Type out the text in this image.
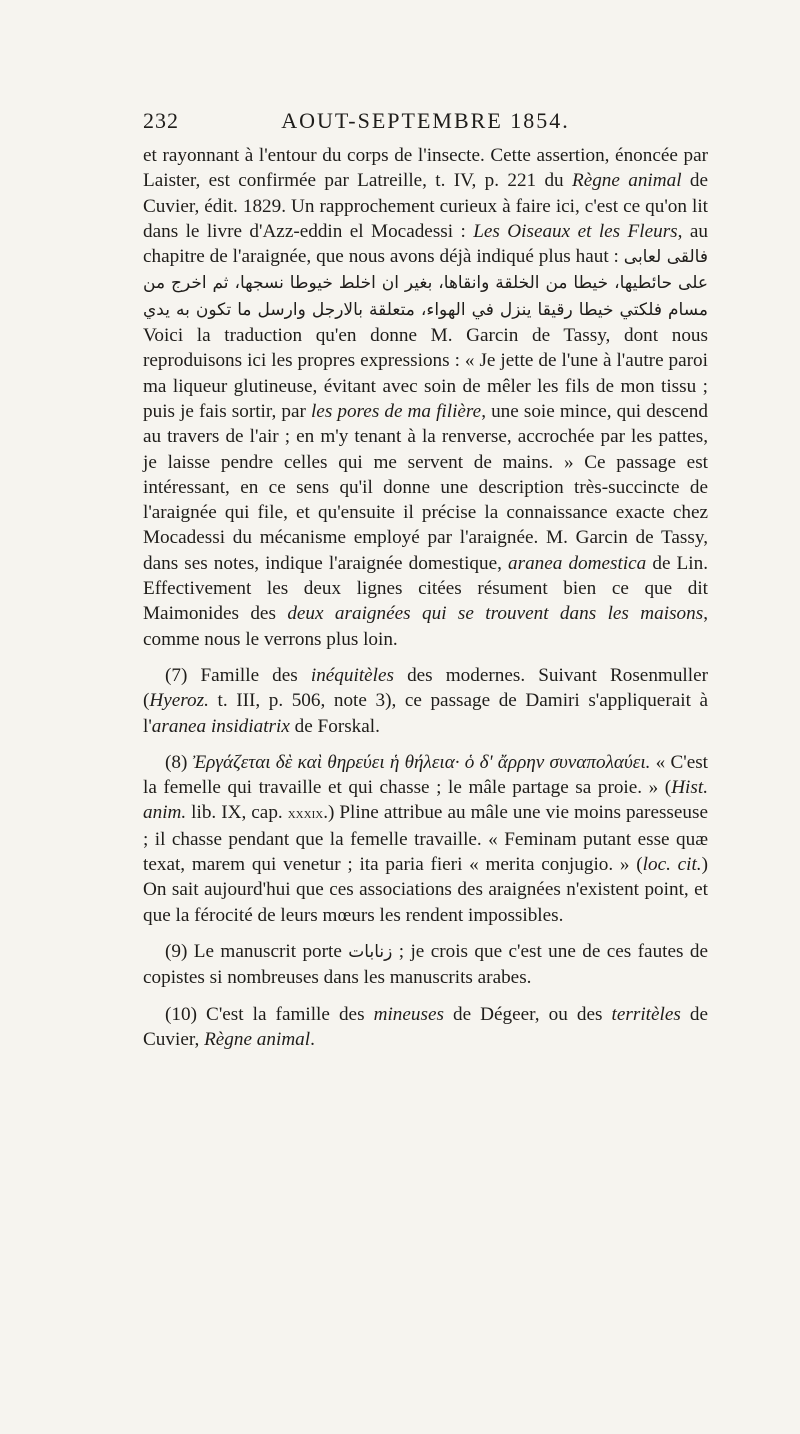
232	AOUT-SEPTEMBRE 1854.

et rayonnant à l'entour du corps de l'insecte. Cette assertion, énoncée par Laister, est confirmée par Latreille, t. IV, p. 221 du Règne animal de Cuvier, édit. 1829. Un rapprochement curieux à faire ici, c'est ce qu'on lit dans le livre d'Azz-eddin el Mocadessi : Les Oiseaux et les Fleurs, au chapitre de l'araignée, que nous avons déjà indiqué plus haut : فالقى لعابى على حائطيها، خيطا من الخلقة وانقاها، بغير ان اخلط خيوطا نسجها، ثم اخرج من مسام فلكتي خيطا رقيقا ينزل في الهواء، متعلقة بالارجل وارسل ما تكون به يدي Voici la traduction qu'en donne M. Garcin de Tassy, dont nous reproduisons ici les propres expressions : « Je jette de l'une à l'autre paroi ma liqueur glutineuse, évitant avec soin de mêler les fils de mon tissu ; puis je fais sortir, par les pores de ma filière, une soie mince, qui descend au travers de l'air ; en m'y tenant à la renverse, accrochée par les pattes, je laisse pendre celles qui me servent de mains. » Ce passage est intéressant, en ce sens qu'il donne une description très-succincte de l'araignée qui file, et qu'ensuite il précise la connaissance exacte chez Mocadessi du mécanisme employé par l'araignée. M. Garcin de Tassy, dans ses notes, indique l'araignée domestique, aranea domestica de Lin. Effectivement les deux lignes citées résument bien ce que dit Maimonides des deux araignées qui se trouvent dans les maisons, comme nous le verrons plus loin.

(7) Famille des inéquitèles des modernes. Suivant Rosenmuller (Hyeroz. t. III, p. 506, note 3), ce passage de Damiri s'appliquerait à l'aranea insidiatrix de Forskal.

(8) Ἐργάζεται δὲ καὶ θηρεύει ἡ θήλεια· ὁ δ' ἄρρην συναπολαύει. « C'est la femelle qui travaille et qui chasse ; le mâle partage sa proie. » (Hist. anim. lib. IX, cap. xxxix.) Pline attribue au mâle une vie moins paresseuse ; il chasse pendant que la femelle travaille. « Feminam putant esse quæ texat, marem qui venetur ; ita paria fieri « merita conjugio. » (loc. cit.) On sait aujourd'hui que ces associations des araignées n'existent point, et que la férocité de leurs mœurs les rendent impossibles.

(9) Le manuscrit porte زنابات ; je crois que c'est une de ces fautes de copistes si nombreuses dans les manuscrits arabes.

(10) C'est la famille des mineuses de Dégeer, ou des territèles de Cuvier, Règne animal.
